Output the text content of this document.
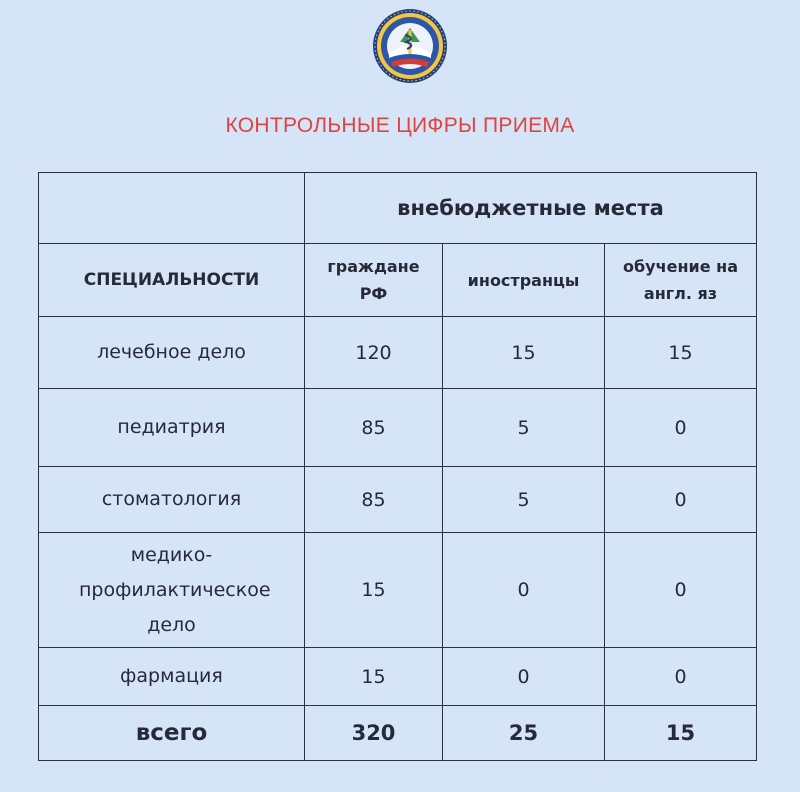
КОНТРОЛЬНЫЕ ЦИФРЫ ПРИЕМА
	внебюджетные места		
СПЕЦИАЛЬНОСТИ	граждане РФ	иностранцы	обучение на англ. яз
лечебное дело	120	15	15
педиатрия	85	5	0
стоматология	85	5	0
медико-профилактическое дело	15	0	0
фармация	15	0	0
всего	320	25	15
